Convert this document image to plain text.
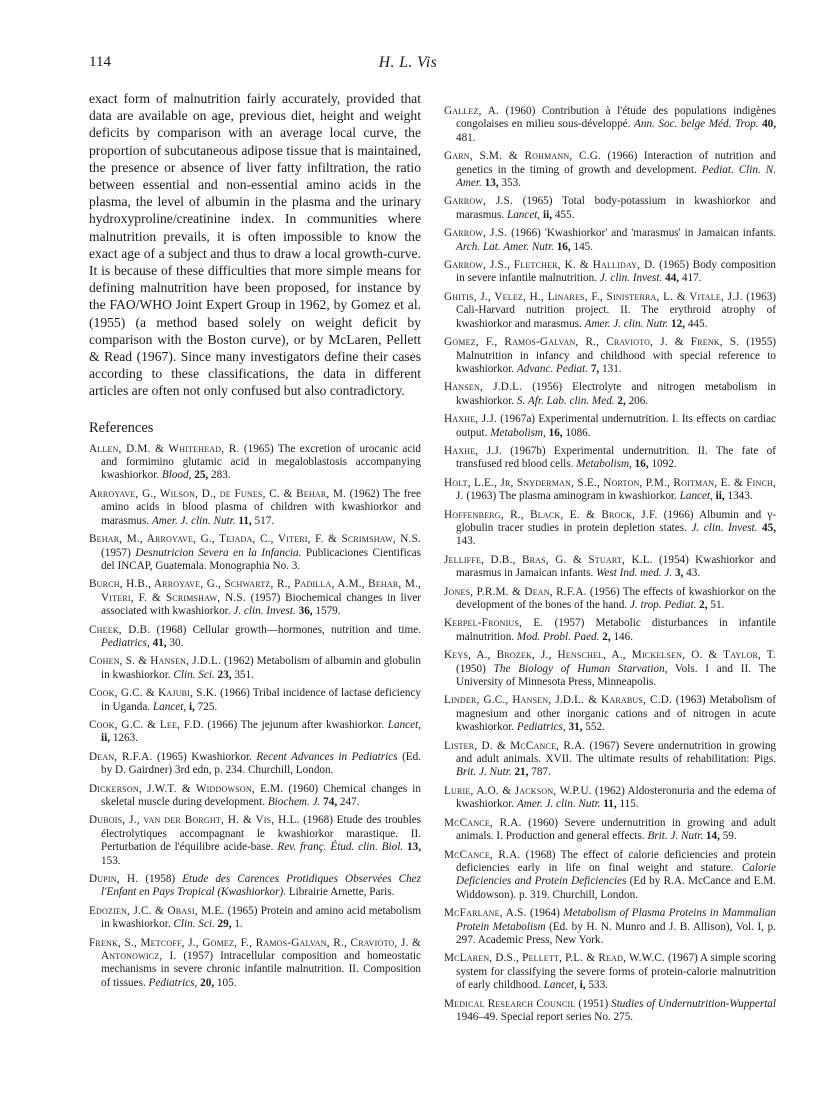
114	H. L. Vis

exact form of malnutrition fairly accurately, provided that data are available on age, previous diet, height and weight deficits by comparison with an average local curve, the proportion of subcutaneous adipose tissue that is maintained, the presence or absence of liver fatty infiltration, the ratio between essential and non-essential amino acids in the plasma, the level of albumin in the plasma and the urinary hydroxyproline/creatinine index. In communities where malnutrition prevails, it is often impossible to know the exact age of a subject and thus to draw a local growth-curve. It is because of these difficulties that more simple means for defining malnutrition have been proposed, for instance by the FAO/WHO Joint Expert Group in 1962, by Gomez et al. (1955) (a method based solely on weight deficit by comparison with the Boston curve), or by McLaren, Pellett & Read (1967). Since many investigators define their cases according to these classifications, the data in different articles are often not only confused but also contradictory.

References

Allen, D.M. & Whitehead, R. (1965) The excretion of urocanic acid and formimino glutamic acid in megaloblastosis accompanying kwashiorkor. Blood, 25, 283.

Arroyave, G., Wilson, D., de Funes, C. & Behar, M. (1962) The free amino acids in blood plasma of children with kwashiorkor and marasmus. Amer. J. clin. Nutr. 11, 517.

Behar, M., Arroyave, G., Tejada, C., Viteri, F. & Scrimshaw, N.S. (1957) Desnutricion Severa en la Infancia. Publicaciones Cientificas del INCAP, Guatemala. Monographia No. 3.

Burch, H.B., Arroyave, G., Schwartz, R., Padilla, A.M., Behar, M., Viteri, F. & Scrimshaw, N.S. (1957) Biochemical changes in liver associated with kwashiorkor. J. clin. Invest. 36, 1579.

Cheek, D.B. (1968) Cellular growth—hormones, nutrition and time. Pediatrics, 41, 30.

Cohen, S. & Hansen, J.D.L. (1962) Metabolism of albumin and globulin in kwashiorkor. Clin. Sci. 23, 351.

Cook, G.C. & Kajubi, S.K. (1966) Tribal incidence of lactase deficiency in Uganda. Lancet, i, 725.

Cook, G.C. & Lee, F.D. (1966) The jejunum after kwashiorkor. Lancet, ii, 1263.

Dean, R.F.A. (1965) Kwashiorkor. Recent Advances in Pediatrics (Ed. by D. Gairdner) 3rd edn, p. 234. Churchill, London.

Dickerson, J.W.T. & Widdowson, E.M. (1960) Chemical changes in skeletal muscle during development. Biochem. J. 74, 247.

Dubois, J., van der Borght, H. & Vis, H.L. (1968) Etude des troubles électrolytiques accompagnant le kwashiorkor marastique. II. Perturbation de l'équilibre acide-base. Rev. franç. Étud. clin. Biol. 13, 153.

Dupin, H. (1958) Etude des Carences Protidiques Observées Chez l'Enfant en Pays Tropical (Kwashiorkor). Librairie Arnette, Paris.

Edozien, J.C. & Obasi, M.E. (1965) Protein and amino acid metabolism in kwashiorkor. Clin. Sci. 29, 1.

Frenk, S., Metcoff, J., Gomez, F., Ramos-Galvan, R., Cravioto, J. & Antonowicz, I. (1957) Intracellular composition and homeostatic mechanisms in severe chronic infantile malnutrition. II. Composition of tissues. Pediatrics, 20, 105.

Gallez, A. (1960) Contribution à l'étude des populations indigènes congolaises en milieu sous-développé. Ann. Soc. belge Méd. Trop. 40, 481.

Garn, S.M. & Rohmann, C.G. (1966) Interaction of nutrition and genetics in the timing of growth and development. Pediat. Clin. N. Amer. 13, 353.

Garrow, J.S. (1965) Total body-potassium in kwashiorkor and marasmus. Lancet, ii, 455.

Garrow, J.S. (1966) 'Kwashiorkor' and 'marasmus' in Jamaican infants. Arch. Lat. Amer. Nutr. 16, 145.

Garrow, J.S., Fletcher, K. & Halliday, D. (1965) Body composition in severe infantile malnutrition. J. clin. Invest. 44, 417.

Ghitis, J., Velez, H., Linares, F., Sinisterra, L. & Vitale, J.J. (1963) Cali-Harvard nutrition project. II. The erythroid atrophy of kwashiorkor and marasmus. Amer. J. clin. Nutr. 12, 445.

Gomez, F., Ramos-Galvan, R., Cravioto, J. & Frenk, S. (1955) Malnutrition in infancy and childhood with special reference to kwashiorkor. Advanc. Pediat. 7, 131.

Hansen, J.D.L. (1956) Electrolyte and nitrogen metabolism in kwashiorkor. S. Afr. Lab. clin. Med. 2, 206.

Haxhe, J.J. (1967a) Experimental undernutrition. I. Its effects on cardiac output. Metabolism, 16, 1086.

Haxhe, J.J. (1967b) Experimental undernutrition. II. The fate of transfused red blood cells. Metabolism, 16, 1092.

Holt, L.E., Jr, Snyderman, S.E., Norton, P.M., Roitman, E. & Finch, J. (1963) The plasma aminogram in kwashiorkor. Lancet, ii, 1343.

Hoffenberg, R., Black, E. & Brock, J.F. (1966) Albumin and γ-globulin tracer studies in protein depletion states. J. clin. Invest. 45, 143.

Jelliffe, D.B., Bras, G. & Stuart, K.L. (1954) Kwashiorkor and marasmus in Jamaican infants. West Ind. med. J. 3, 43.

Jones, P.R.M. & Dean, R.F.A. (1956) The effects of kwashiorkor on the development of the bones of the hand. J. trop. Pediat. 2, 51.

Kerpel-Fronius, E. (1957) Metabolic disturbances in infantile malnutrition. Mod. Probl. Paed. 2, 146.

Keys, A., Brozek, J., Henschel, A., Mickelsen, O. & Taylor, T. (1950) The Biology of Human Starvation, Vols. I and II. The University of Minnesota Press, Minneapolis.

Linder, G.C., Hansen, J.D.L. & Karabus, C.D. (1963) Metabolism of magnesium and other inorganic cations and of nitrogen in acute kwashiorkor. Pediatrics, 31, 552.

Lister, D. & McCance, R.A. (1967) Severe undernutrition in growing and adult animals. XVII. The ultimate results of rehabilitation: Pigs. Brit. J. Nutr. 21, 787.

Lurie, A.O. & Jackson, W.P.U. (1962) Aldosteronuria and the edema of kwashiorkor. Amer. J. clin. Nutr. 11, 115.

McCance, R.A. (1960) Severe undernutrition in growing and adult animals. I. Production and general effects. Brit. J. Nutr. 14, 59.

McCance, R.A. (1968) The effect of calorie deficiencies and protein deficiencies early in life on final weight and stature. Calorie Deficiencies and Protein Deficiencies (Ed by R.A. McCance and E.M. Widdowson). p. 319. Churchill, London.

McFarlane, A.S. (1964) Metabolism of Plasma Proteins in Mammalian Protein Metabolism (Ed. by H. N. Munro and J. B. Allison), Vol. I, p. 297. Academic Press, New York.

McLaren, D.S., Pellett, P.L. & Read, W.W.C. (1967) A simple scoring system for classifying the severe forms of protein-calorie malnutrition of early childhood. Lancet, i, 533.

Medical Research Council (1951) Studies of Undernutrition-Wuppertal 1946–49. Special report series No. 275.
